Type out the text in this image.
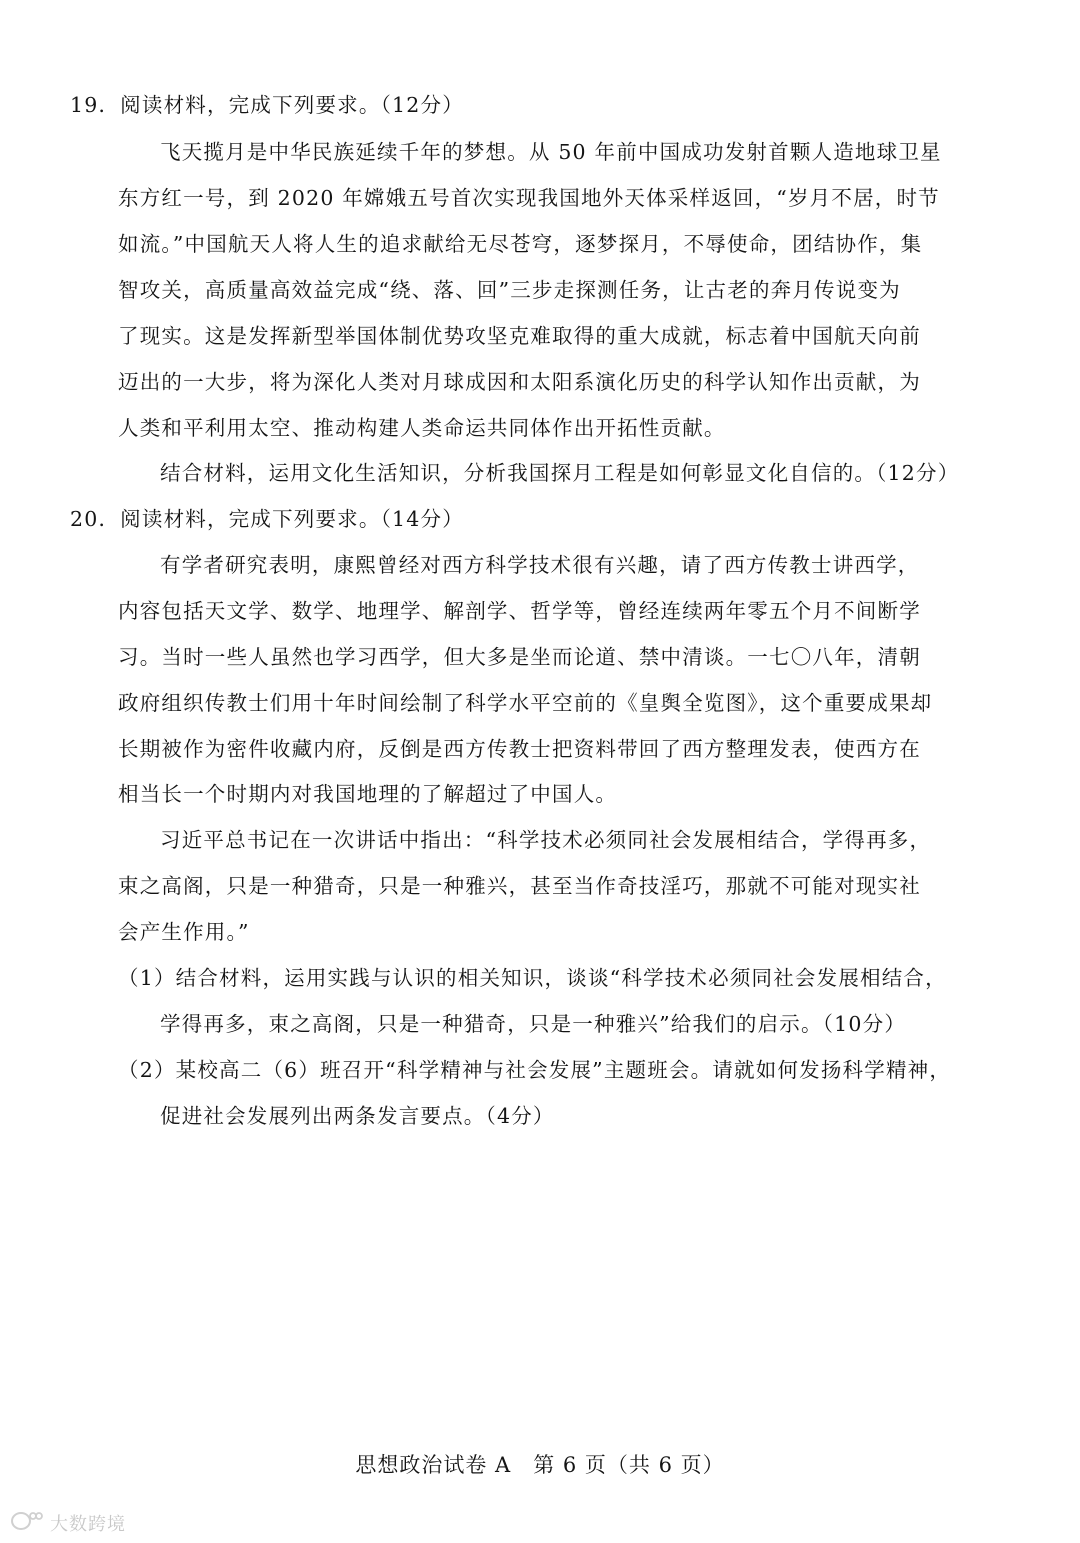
19．阅读材料，完成下列要求。（12分）
飞天揽月是中华民族延续千年的梦想。从 50 年前中国成功发射首颗人造地球卫星
东方红一号，到 2020 年嫦娥五号首次实现我国地外天体采样返回，“岁月不居，时节
如流。”中国航天人将人生的追求献给无尽苍穹，逐梦探月，不辱使命，团结协作，集
智攻关，高质量高效益完成“绕、落、回”三步走探测任务，让古老的奔月传说变为
了现实。这是发挥新型举国体制优势攻坚克难取得的重大成就，标志着中国航天向前
迈出的一大步，将为深化人类对月球成因和太阳系演化历史的科学认知作出贡献，为
人类和平利用太空、推动构建人类命运共同体作出开拓性贡献。
结合材料，运用文化生活知识，分析我国探月工程是如何彰显文化自信的。（12分）
20．阅读材料，完成下列要求。（14分）
有学者研究表明，康熙曾经对西方科学技术很有兴趣，请了西方传教士讲西学，
内容包括天文学、数学、地理学、解剖学、哲学等，曾经连续两年零五个月不间断学
习。当时一些人虽然也学习西学，但大多是坐而论道、禁中清谈。一七〇八年，清朝
政府组织传教士们用十年时间绘制了科学水平空前的《皇舆全览图》，这个重要成果却
长期被作为密件收藏内府，反倒是西方传教士把资料带回了西方整理发表，使西方在
相当长一个时期内对我国地理的了解超过了中国人。
习近平总书记在一次讲话中指出：“科学技术必须同社会发展相结合，学得再多，
束之高阁，只是一种猎奇，只是一种雅兴，甚至当作奇技淫巧，那就不可能对现实社
会产生作用。”
（1）结合材料，运用实践与认识的相关知识，谈谈“科学技术必须同社会发展相结合，
学得再多，束之高阁，只是一种猎奇，只是一种雅兴”给我们的启示。（10分）
（2）某校高二（6）班召开“科学精神与社会发展”主题班会。请就如何发扬科学精神，
促进社会发展列出两条发言要点。（4分）
思想政治试卷 A　第 6 页（共 6 页）
大数跨境
